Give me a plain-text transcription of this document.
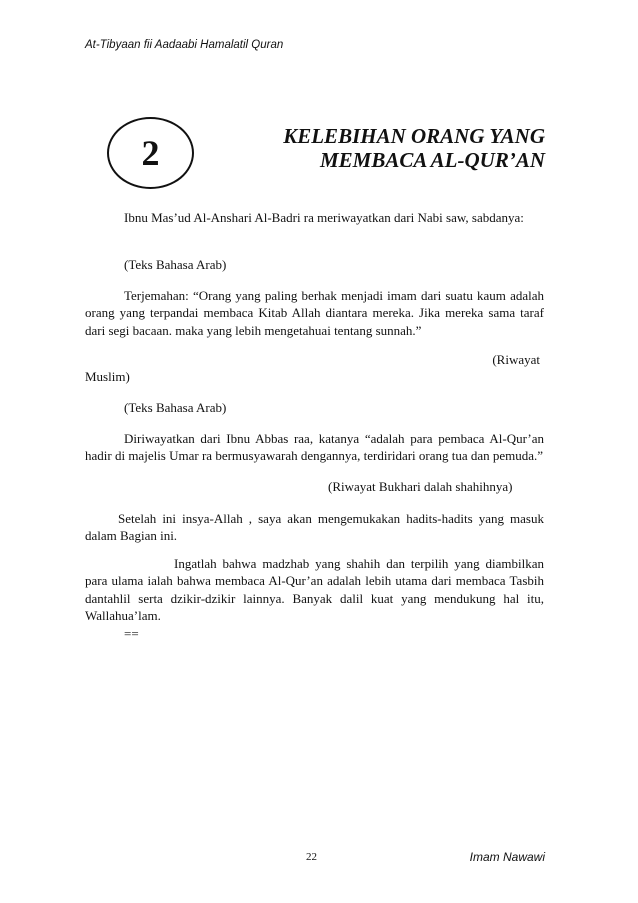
At-Tibyaan fii Aadaabi Hamalatil Quran
2	KELEBIHAN ORANG YANG
MEMBACA AL-QUR’AN
Ibnu Mas’ud Al-Anshari Al-Badri ra meriwayatkan dari Nabi saw, sabdanya:
(Teks Bahasa Arab)
Terjemahan: “Orang yang paling berhak menjadi imam dari suatu kaum adalah orang yang terpandai membaca Kitab Allah diantara mereka. Jika mereka sama taraf dari segi bacaan. maka yang lebih mengetahuai tentang sunnah.”
(Riwayat
Muslim)
(Teks Bahasa Arab)
Diriwayatkan dari Ibnu Abbas raa, katanya “adalah para pembaca Al-Qur’an hadir di majelis Umar ra bermusyawarah dengannya, terdiridari orang tua dan pemuda.”
(Riwayat Bukhari dalah shahihnya)
Setelah ini insya-Allah , saya akan mengemukakan hadits-hadits yang masuk dalam Bagian ini.
Ingatlah bahwa madzhab yang shahih dan terpilih yang diambilkan para ulama ialah bahwa membaca Al-Qur’an adalah lebih utama dari membaca Tasbih dantahlil serta dzikir-dzikir lainnya. Banyak dalil kuat yang mendukung hal itu, Wallahua’lam.
==
22	Imam Nawawi
